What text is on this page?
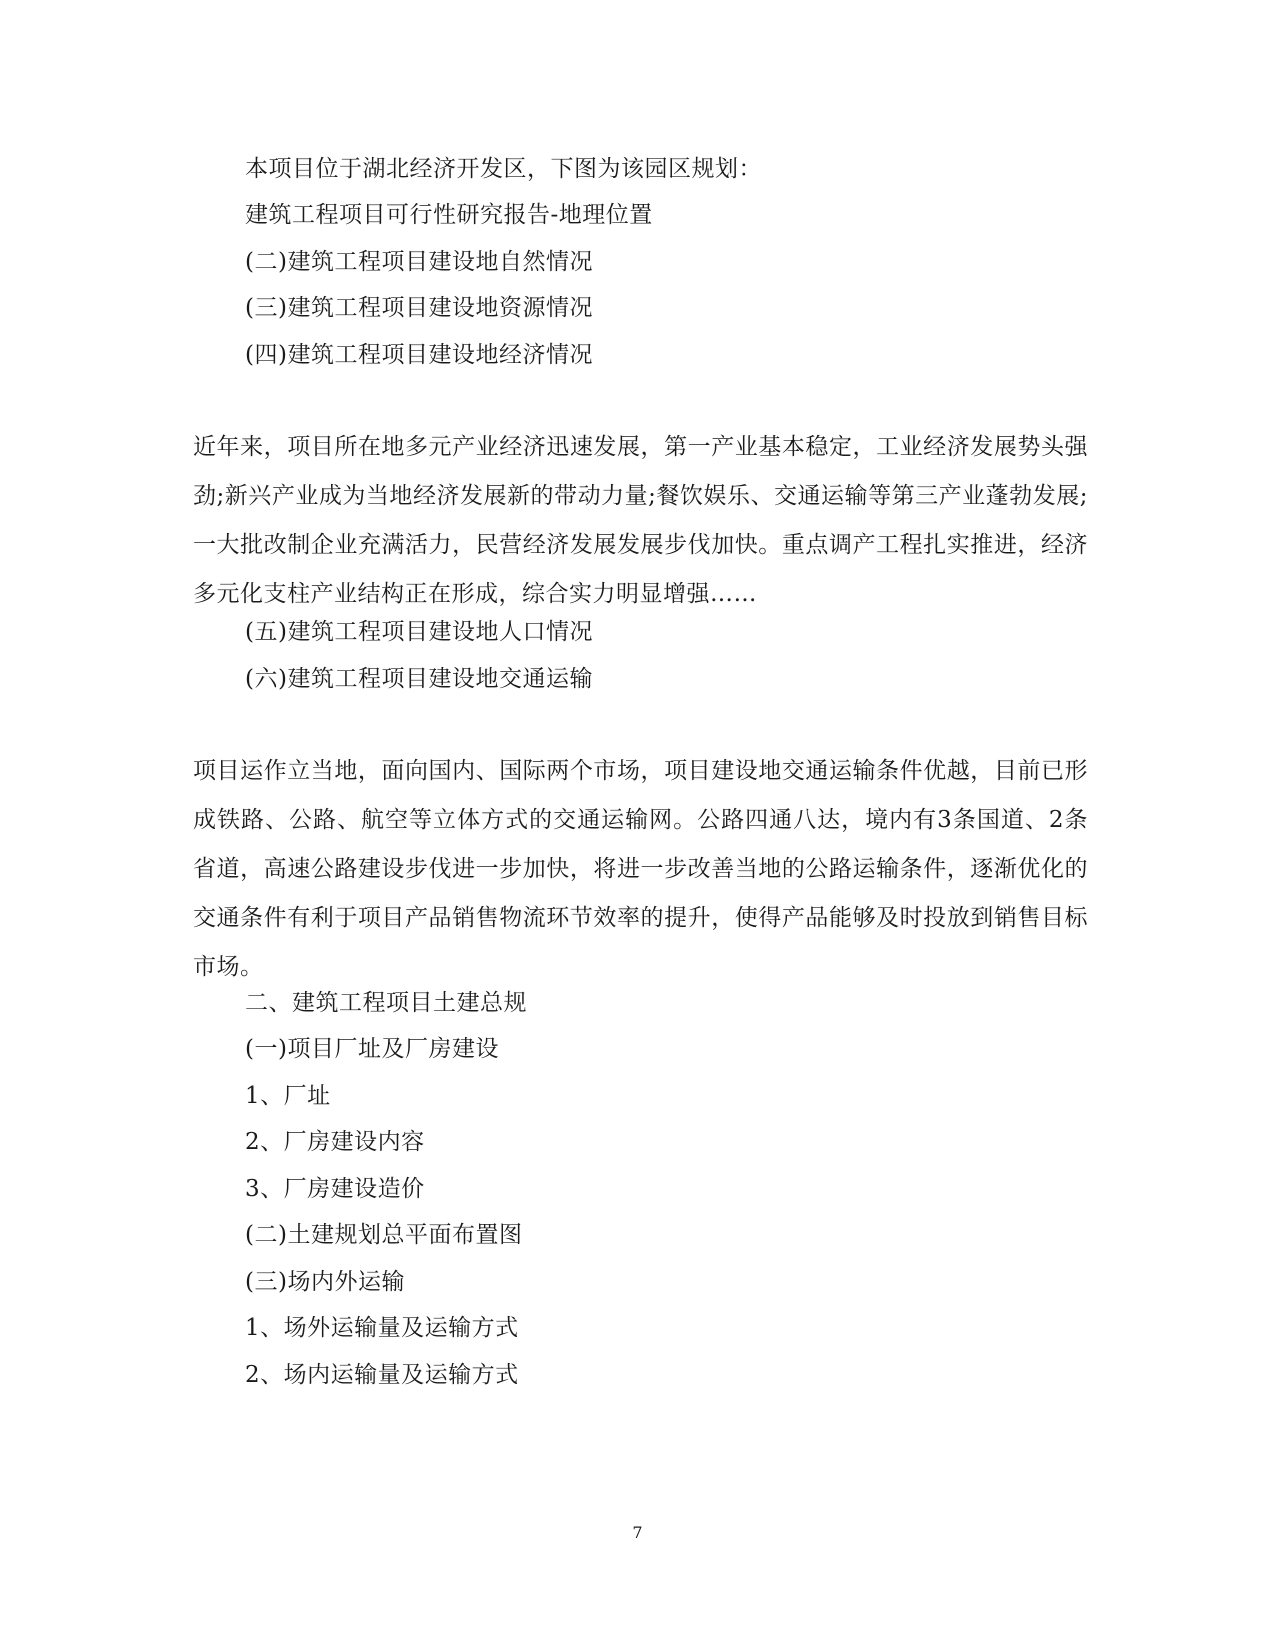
本项目位于湖北经济开发区，下图为该园区规划：
建筑工程项目可行性研究报告-地理位置
(二)建筑工程项目建设地自然情况
(三)建筑工程项目建设地资源情况
(四)建筑工程项目建设地经济情况
近年来，项目所在地多元产业经济迅速发展，第一产业基本稳定，工业经济发展势头强劲;新兴产业成为当地经济发展新的带动力量;餐饮娱乐、交通运输等第三产业蓬勃发展;一大批改制企业充满活力，民营经济发展发展步伐加快。重点调产工程扎实推进，经济多元化支柱产业结构正在形成，综合实力明显增强……
(五)建筑工程项目建设地人口情况
(六)建筑工程项目建设地交通运输
项目运作立当地，面向国内、国际两个市场，项目建设地交通运输条件优越，目前已形成铁路、公路、航空等立体方式的交通运输网。公路四通八达，境内有3条国道、2条省道，高速公路建设步伐进一步加快，将进一步改善当地的公路运输条件，逐渐优化的交通条件有利于项目产品销售物流环节效率的提升，使得产品能够及时投放到销售目标市场。
二、建筑工程项目土建总规
(一)项目厂址及厂房建设
1、厂址
2、厂房建设内容
3、厂房建设造价
(二)土建规划总平面布置图
(三)场内外运输
1、场外运输量及运输方式
2、场内运输量及运输方式
7
